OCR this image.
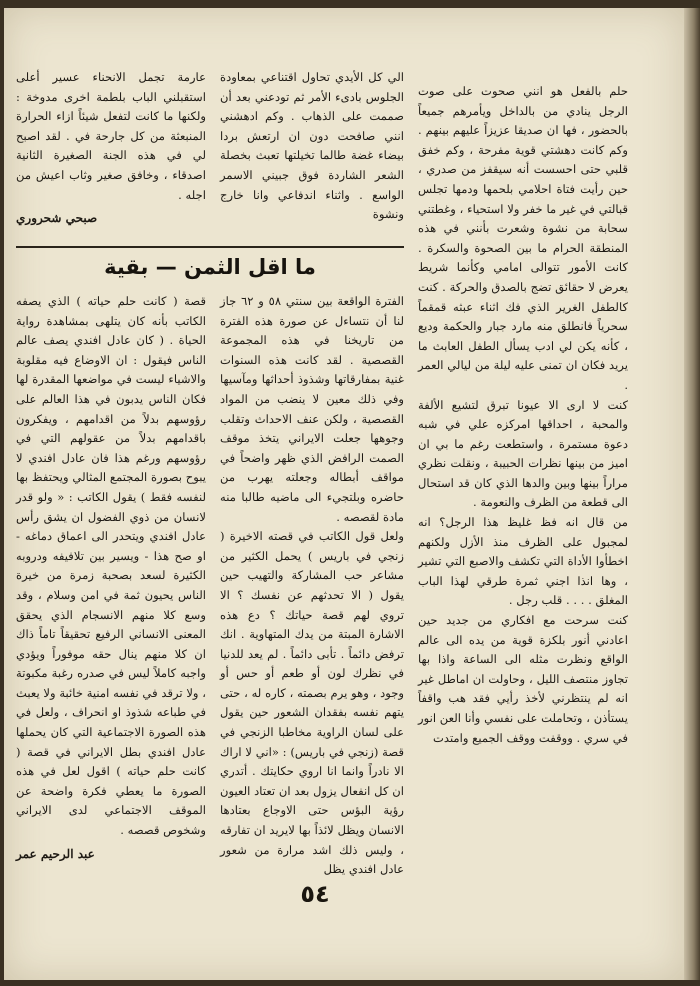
حلم بالفعل هو انني صحوت على صوت الرجل ينادي من بالداخل ويأمرهم جميعاً بالحضور ، فها ان صديقا عزيزاً عليهم بينهم . وكم كانت دهشتي قوية مفرحة ، وكم خفق قلبي حتى احسست أنه سيقفز من صدري ، حين رأيت فتاة احلامي بلحمها ودمها تجلس قبالتي في غير ما خفر ولا استحياء ، وغطتني سحابة من نشوة وشعرت بأنني في هذه المنطقة الحرام ما بين الصحوة والسكرة . كانت الأمور تتوالى امامي وكأنما شريط يعرض لا حقائق تضج بالصدق والحركة . كنت كالطفل الغرير الذي فك اثناء عبثه قمقماً سحرياً فانطلق منه مارد جبار والحكمة وديع ، كأنه يكن لي ادب يسأل الطفل العابث ما يريد فكان ان تمنى عليه ليلة من ليالي العمر .

كنت لا ارى الا عيونا تبرق لتشيع الألفة والمحبة ، احداقها امركزه علي في شبه دعوة مستمرة ، واستطعت رغم ما بي ان اميز من بينها نظرات الحبيبة ، ونقلت نظري مراراً بينها وبين والدها الذي كان قد استحال الى قطعة من الظرف والنعومة .

من قال انه فظ غليظ هذا الرجل؟ انه لمجبول على الظرف منذ الأزل ولكنهم اخطأوا الأداة التي تكشف والاصبع التي تشير ، وها انذا اجني ثمرة طرقي لهذا الباب المغلق . . . . قلب رجل .

كنت سرحت مع افكاري من جديد حين اعادني أنور بلكزة قوية من يده الى عالم الواقع ونظرت مثله الى الساعة واذا بها تجاوز منتصف الليل ، وحاولت ان اماطل غير انه لم ينتظرني لأخذ رأيي فقد هب واقفاً يستأذن ، وتحاملت على نفسي وأنا العن انور في سري . ووقفت ووقف الجميع وامتدت

الي كل الأيدي تحاول اقتناعي بمعاودة الجلوس بادىء الأمر ثم تودعني بعد أن صممت على الذهاب . وكم ادهشني انني صافحت دون ان ارتعش بردا بيضاء غضة طالما تخيلتها تعبث بخصلة الشعر الشاردة فوق جبيني الاسمر الواسع . واثناء اندفاعي وانا خارج ونشوة

عارمة تجمل الانحناء عسير أعلى استقبلني الباب بلطمة اخرى مدوخة : ولكنها ما كانت لتفعل شيئاً ازاء الحرارة المنبعثة من كل جارحة في . لقد اصبح لي في هذه الجنة الصغيرة الثانية اصدقاء ، وخافق صغير وثاب اعيش من اجله .

صبحي شحروري

ما اقل الثمن — بقية

الفترة الواقعة بين سنتي ٥٨ و ٦٢ جاز لنا أن نتساءل عن صورة هذه الفترة من تاريخنا في هذه المجموعة القصصية . لقد كانت هذه السنوات غنية بمفارقاتها وشذوذ أحداثها ومآسيها وفي ذلك معين لا ينضب من المواد القصصية ، ولكن عنف الاحداث وتقلب وجوهها جعلت الايراني يتخذ موقف الصمت الرافض الذي ظهر واضحاً في مواقف أبطاله وجعلته يهرب من حاضره وبلتجيء الى ماضيه طالبا منه مادة لقصصه .

ولعل قول الكاتب في قصته الاخيرة ( زنجي في باريس ) يحمل الكثير من مشاعر حب المشاركة والتهيب حين يقول ( الا تحدثهم عن نفسك ؟ الا تروي لهم قصة حياتك ؟ دع هذه الاشارة المبتة من يدك المتهاوية . انك ترفض دائماً . تأبى دائماً . لم يعد للدنيا في نظرك لون أو طعم أو حس أو وجود ، وهو يرم بصمته ، كاره له ، حتى يتهم نفسه بفقدان الشعور حين يقول على لسان الراوية مخاطبا الزنجي في قصة (زنجي في باريس) : «اني لا اراك الا نادراً وانما انا اروي حكايتك . أتدري ان كل انفعال يزول بعد ان تعتاد العيون رؤية البؤس حتى الاوجاع بعتادها الانسان ويظل لائذاً بها لايريد ان تفارقه ، وليس ذلك اشد مرارة من شعور عادل افندي يظل

قصة ( كانت حلم حياته ) الذي يصفه الكاتب بأنه كان يتلهى بمشاهدة رواية الحياة . ( كان عادل افندي يصف عالم الناس فيقول : ان الاوضاع فيه مقلوبة والاشياء ليست في مواضعها المقدرة لها فكان الناس يدبون في هذا العالم على رؤوسهم بدلاً من اقدامهم ، ويفكرون باقدامهم بدلاً من عقولهم التي في رؤوسهم ورغم هذا فان عادل افندي لا يبوح بصورة المجتمع المثالي ويحتفظ بها لنفسه فقط ) يقول الكاتب : « ولو قدر لانسان من ذوي الفضول ان يشق رأس عادل افندي ويتحدر الى اعماق دماغه - او صح هذا - ويسير بين تلافيفه ودروبه الكثيرة لسعد بصحبة زمرة من خيرة الناس يحيون ثمة في امن وسلام ، وقد وسع كلا منهم الانسجام الذي يحقق المعنى الانساني الرفيع تحقيقاً تاماً ذاك ان كلا منهم ينال حقه موفوراً ويؤدي واجبه كاملاً ليس في صدره رغبة مكبوتة ، ولا ترقد في نفسه امنية خائبة ولا يعبث في طباعه شذوذ او انحراف ، ولعل في هذه الصورة الاجتماعية التي كان يحملها عادل افندي بطل الايراني في قصة ( كانت حلم حياته ) اقول لعل في هذه الصورة ما يعطي فكرة واضحة عن الموقف الاجتماعي لدى الايراني وشخوص قصصه .

عبد الرحيم عمر

٥٤
